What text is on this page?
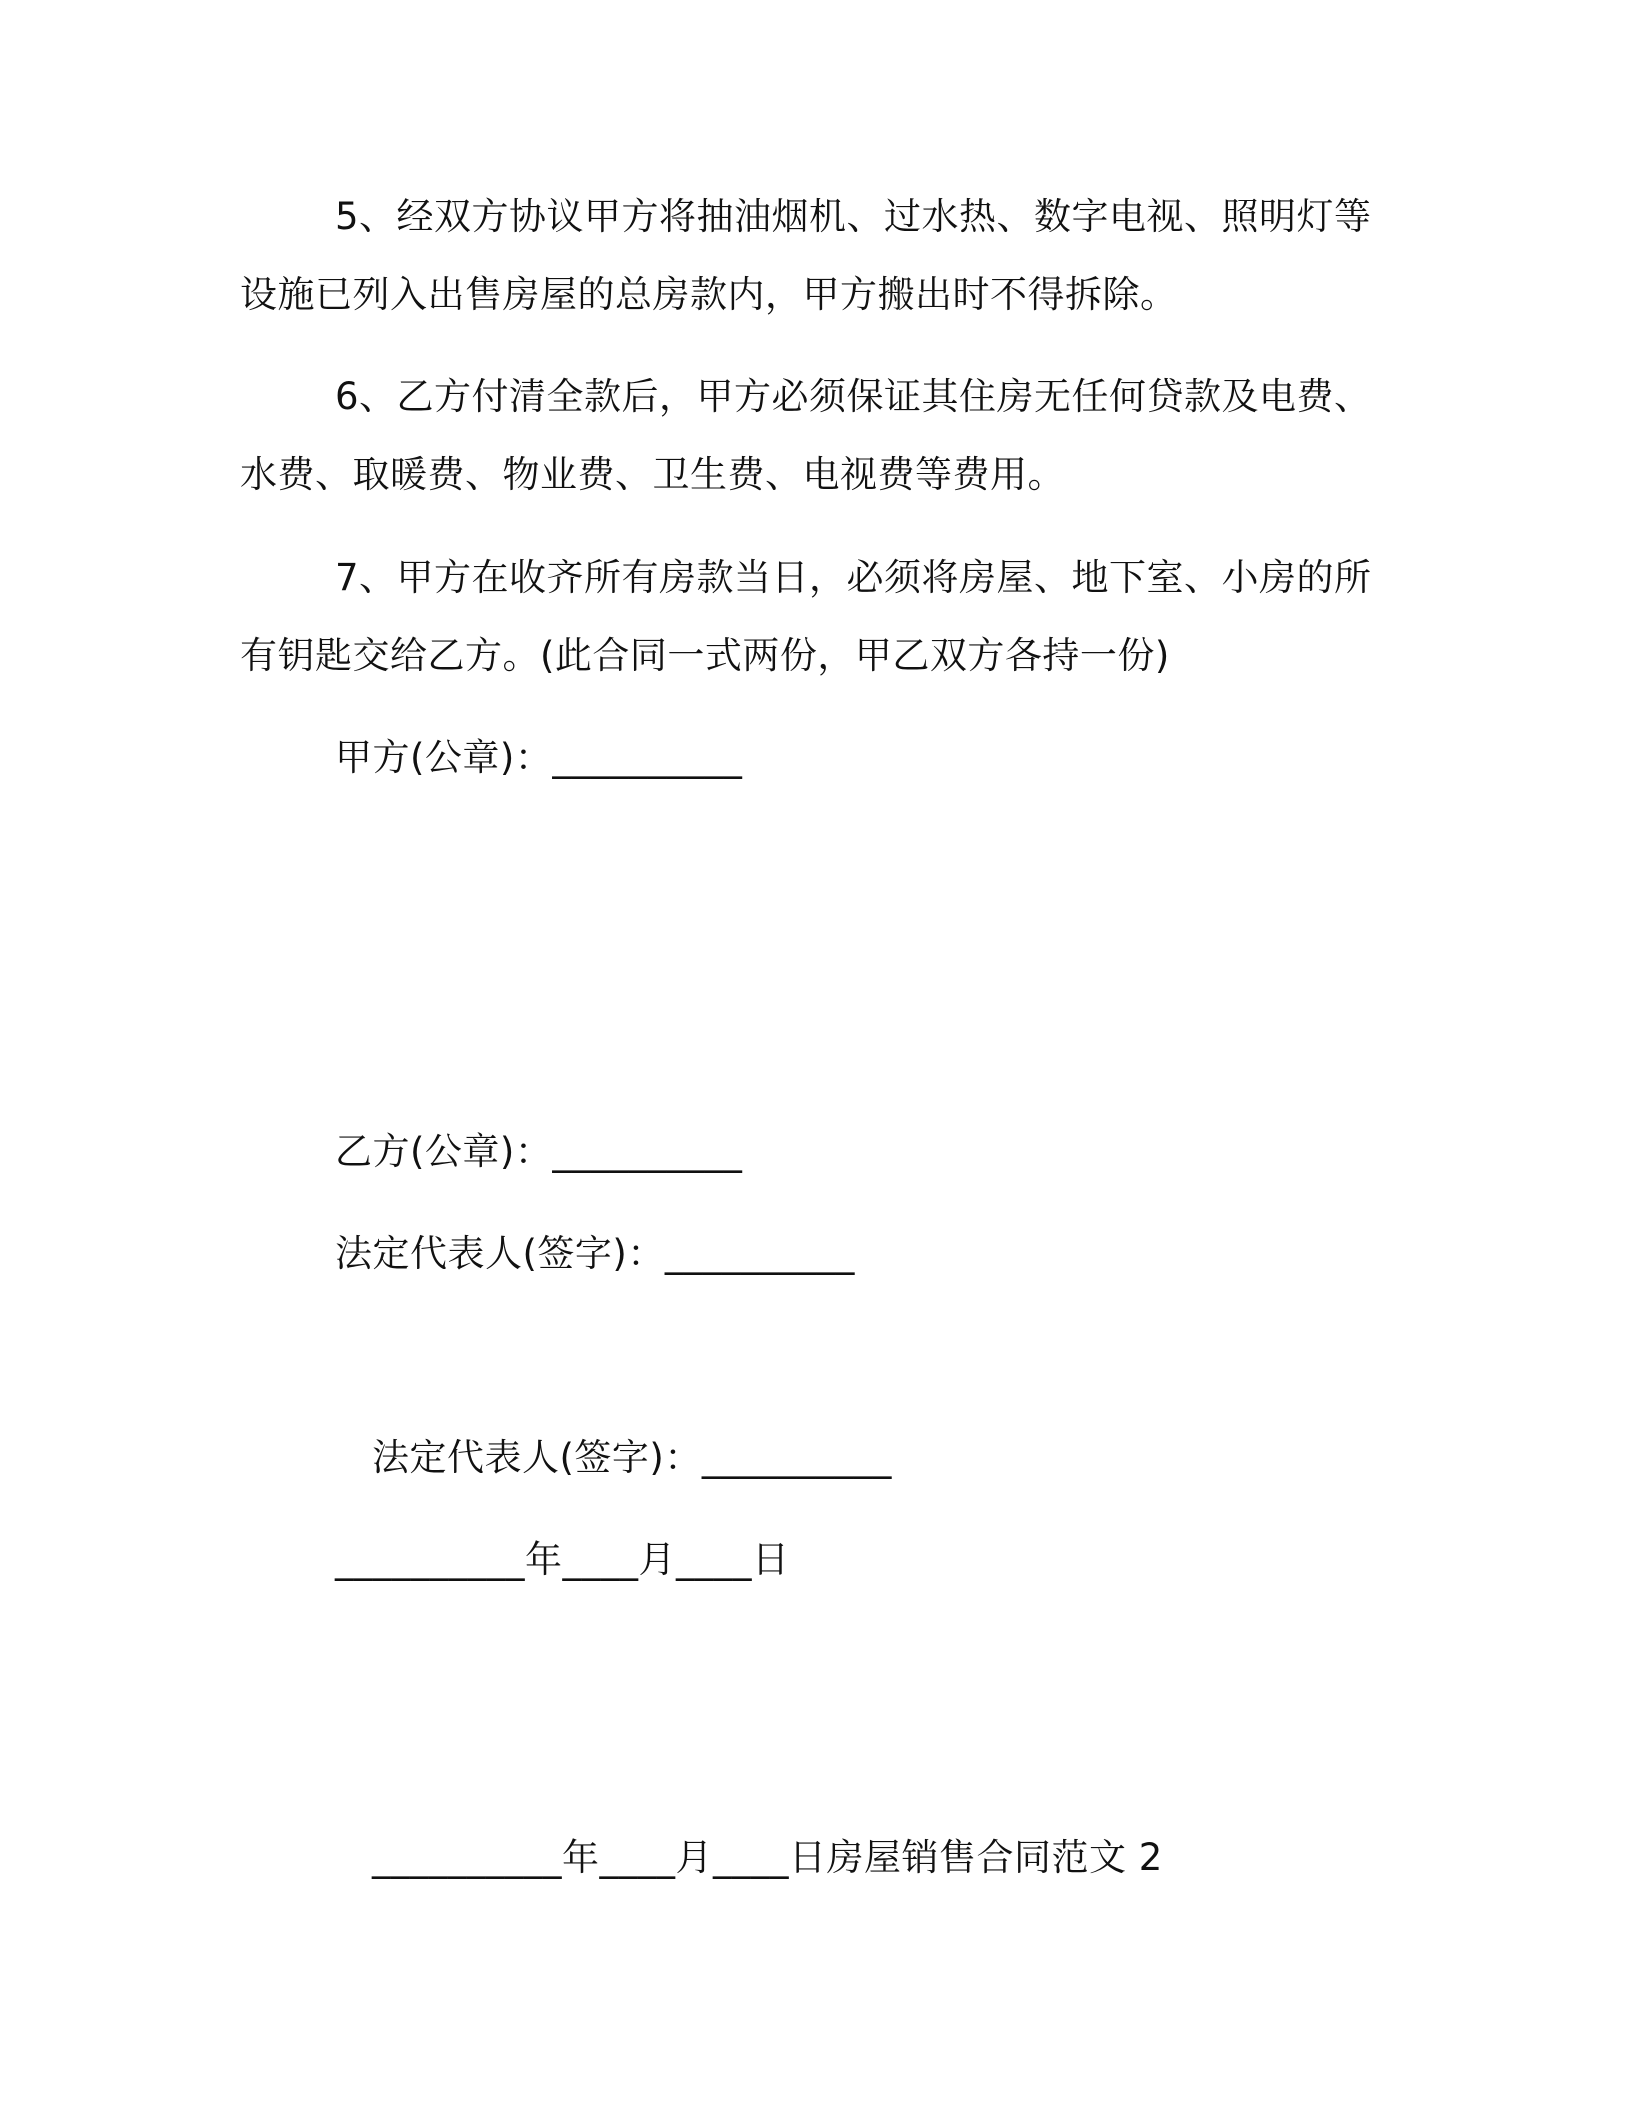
5、经双方协议甲方将抽油烟机、过水热、数字电视、照明灯等
设施已列入出售房屋的总房款内，甲方搬出时不得拆除。
6、乙方付清全款后，甲方必须保证其住房无任何贷款及电费、
水费、取暖费、物业费、卫生费、电视费等费用。
7、甲方在收齐所有房款当日，必须将房屋、地下室、小房的所
有钥匙交给乙方。(此合同一式两份，甲乙双方各持一份)
甲方(公章)：__________
乙方(公章)：__________
法定代表人(签字)：__________
法定代表人(签字)：__________
__________年____月____日
__________年____月____日房屋销售合同范文 2
